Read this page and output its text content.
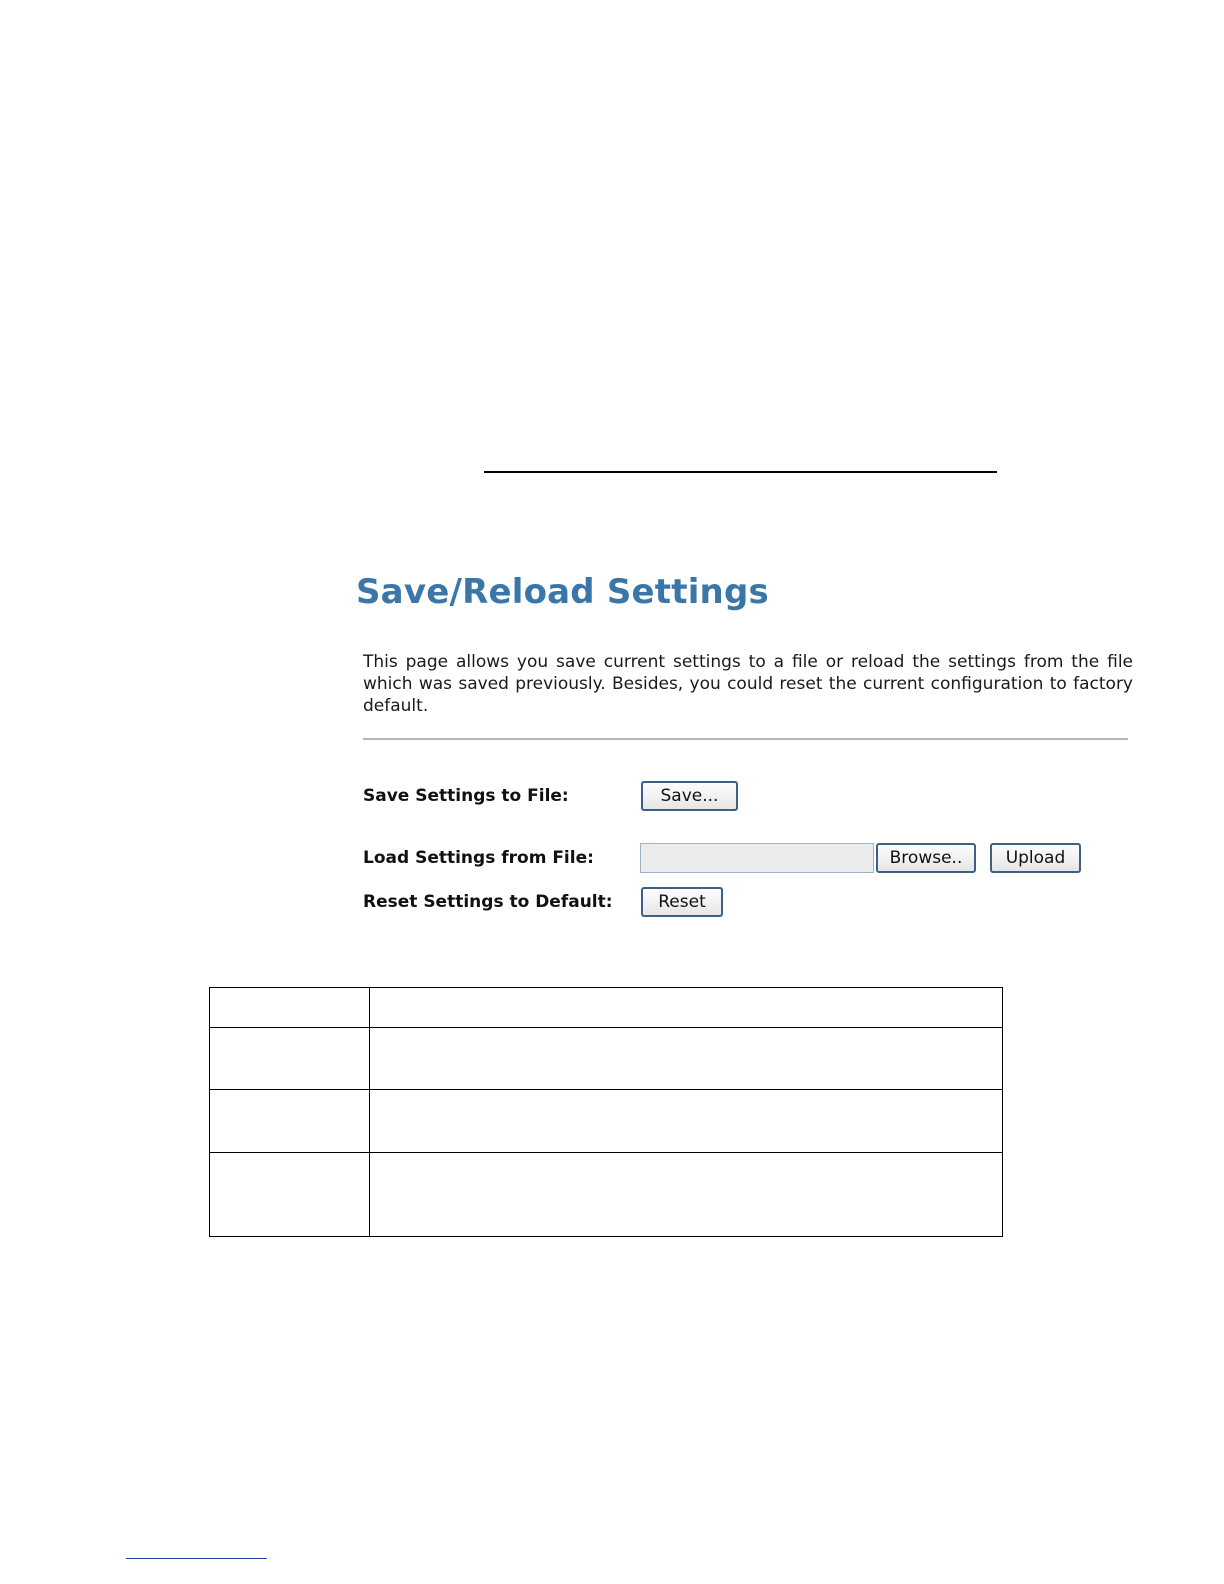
Save/Reload Settings

This page allows you save current settings to a file or reload the settings from the file which was saved previously. Besides, you could reset the current configuration to factory default.

Save Settings to File:	Save...
Load Settings from File:	Browse..	Upload
Reset Settings to Default:	Reset
